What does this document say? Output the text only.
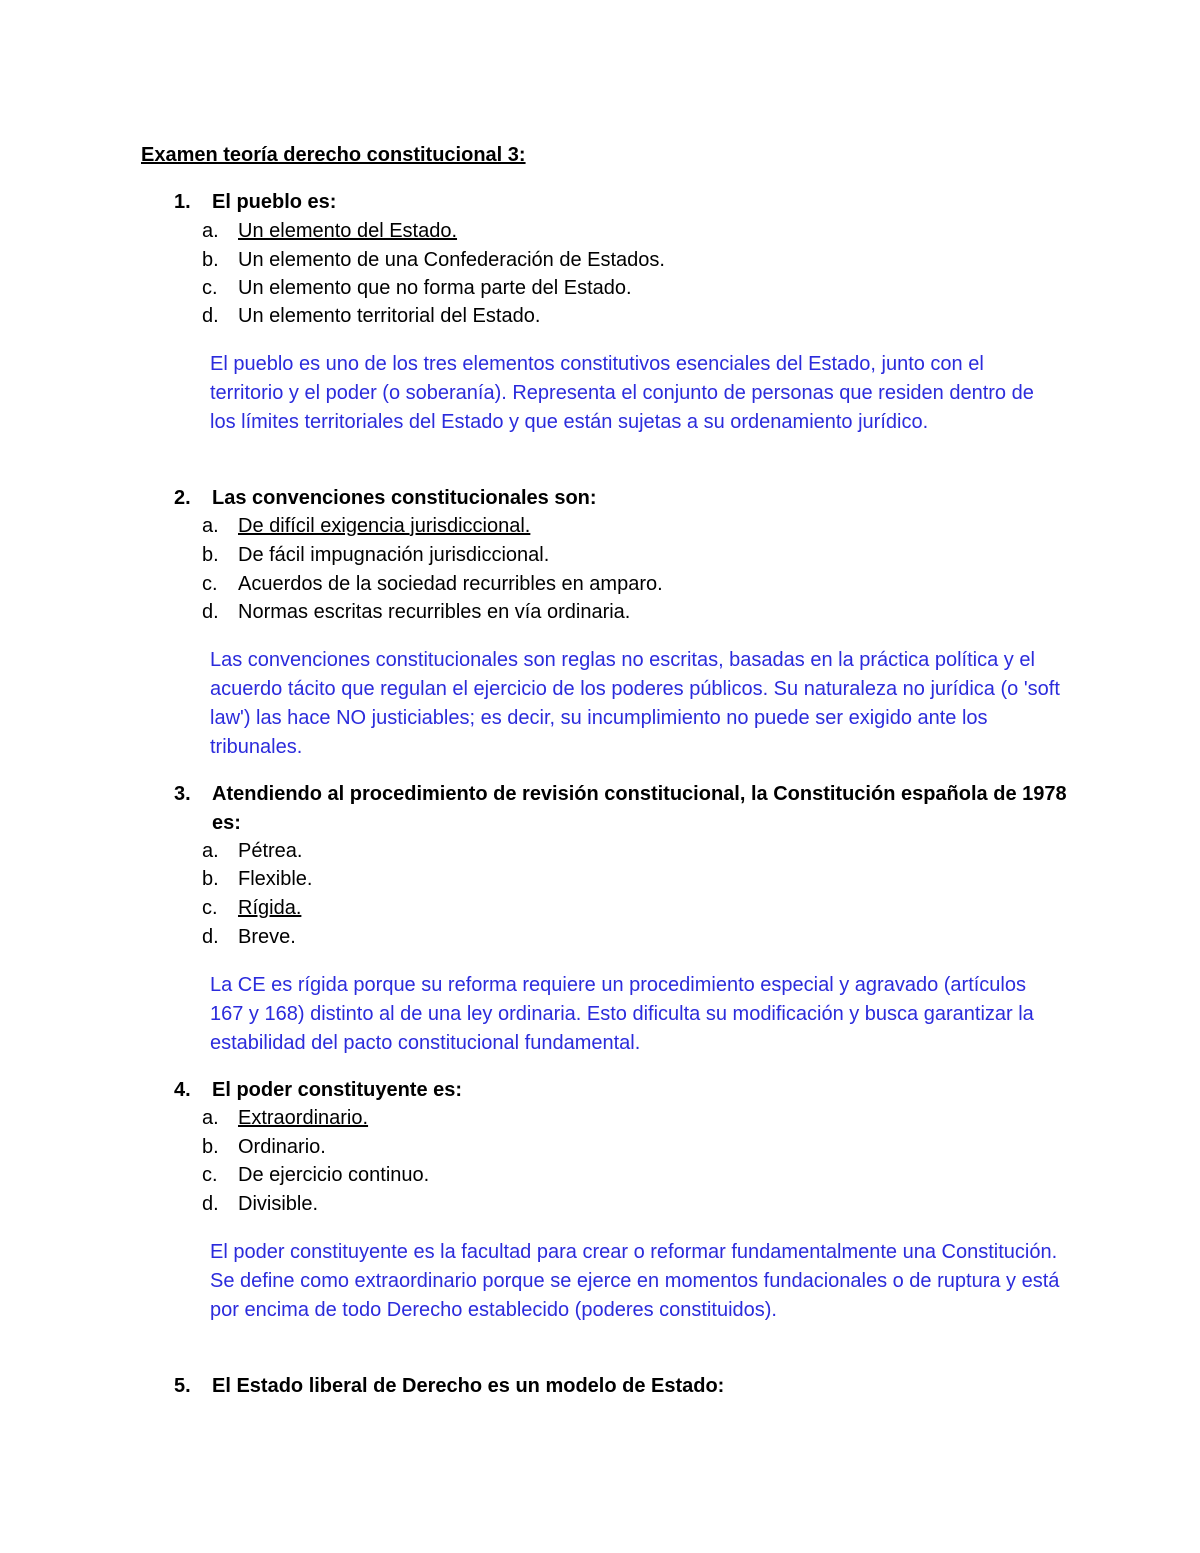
Examen teoría derecho constitucional 3:
1.	El pueblo es:
a. Un elemento del Estado.
b. Un elemento de una Confederación de Estados.
c. Un elemento que no forma parte del Estado.
d. Un elemento territorial del Estado.
El pueblo es uno de los tres elementos constitutivos esenciales del Estado, junto con el territorio y el poder (o soberanía). Representa el conjunto de personas que residen dentro de los límites territoriales del Estado y que están sujetas a su ordenamiento jurídico.
2.	Las convenciones constitucionales son:
a. De difícil exigencia jurisdiccional.
b. De fácil impugnación jurisdiccional.
c. Acuerdos de la sociedad recurribles en amparo.
d. Normas escritas recurribles en vía ordinaria.
Las convenciones constitucionales son reglas no escritas, basadas en la práctica política y el acuerdo tácito que regulan el ejercicio de los poderes públicos. Su naturaleza no jurídica (o 'soft law') las hace NO justiciables; es decir, su incumplimiento no puede ser exigido ante los tribunales.
3.	Atendiendo al procedimiento de revisión constitucional, la Constitución española de 1978 es:
a. Pétrea.
b. Flexible.
c. Rígida.
d. Breve.
La CE es rígida porque su reforma requiere un procedimiento especial y agravado (artículos 167 y 168) distinto al de una ley ordinaria. Esto dificulta su modificación y busca garantizar la estabilidad del pacto constitucional fundamental.
4.	El poder constituyente es:
a. Extraordinario.
b. Ordinario.
c. De ejercicio continuo.
d. Divisible.
El poder constituyente es la facultad para crear o reformar fundamentalmente una Constitución. Se define como extraordinario porque se ejerce en momentos fundacionales o de ruptura y está por encima de todo Derecho establecido (poderes constituidos).
5.	El Estado liberal de Derecho es un modelo de Estado:
